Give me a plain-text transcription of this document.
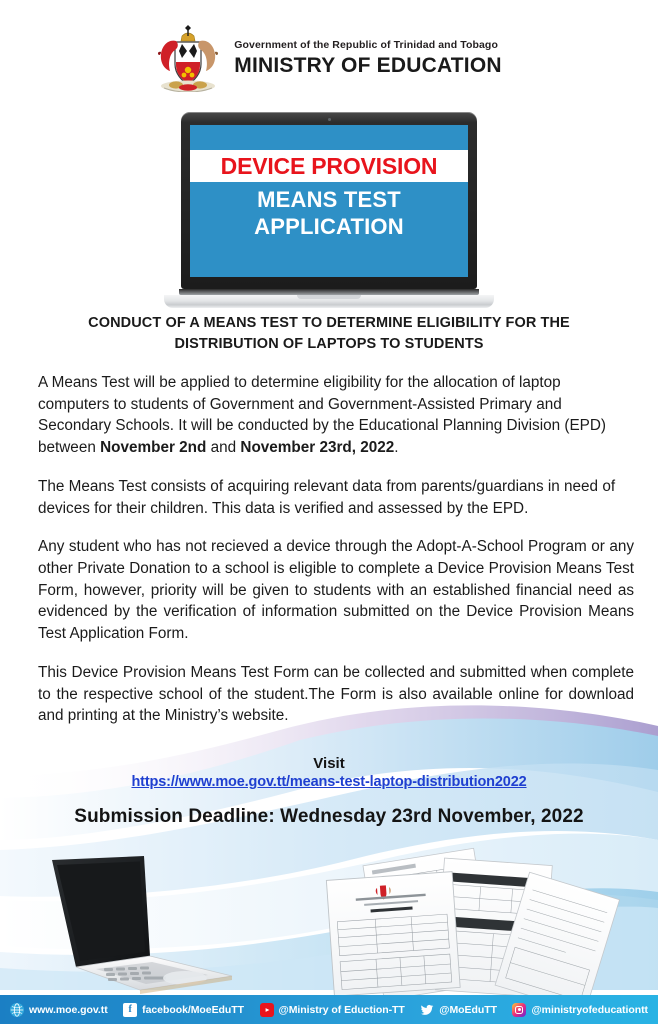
Government of the Republic of Trinidad and Tobago
MINISTRY OF EDUCATION
DEVICE PROVISION
MEANS TEST
APPLICATION
CONDUCT OF A MEANS TEST TO DETERMINE ELIGIBILITY FOR THE DISTRIBUTION OF LAPTOPS TO STUDENTS

A Means Test will be applied to determine eligibility for the allocation of laptop computers to students of Government and Government-Assisted Primary and Secondary Schools. It will be conducted by the Educational Planning Division (EPD) between November 2nd and November 23rd, 2022.

The Means Test consists of acquiring relevant data from parents/guardians in need of devices for their children. This data is verified and assessed by the EPD.

Any student who has not recieved a device through the Adopt-A-School Program or any other Private Donation to a school is eligible to complete a Device Provision Means Test Form, however, priority will be given to students with an established financial need as evidenced by the verification of information submitted on the Device Provision Means Test Application Form.

This Device Provision Means Test Form can be collected and submitted when complete to the respective school of the student.The Form is also available online for download and printing at the Ministry’s website.

Visit
https://www.moe.gov.tt/means-test-laptop-distribution2022
Submission Deadline: Wednesday 23rd November, 2022
www.moe.gov.tt	f facebook/MoeEduTT	@Ministry of Eduction-TT	@MoEduTT	@ministryofeducationtt
